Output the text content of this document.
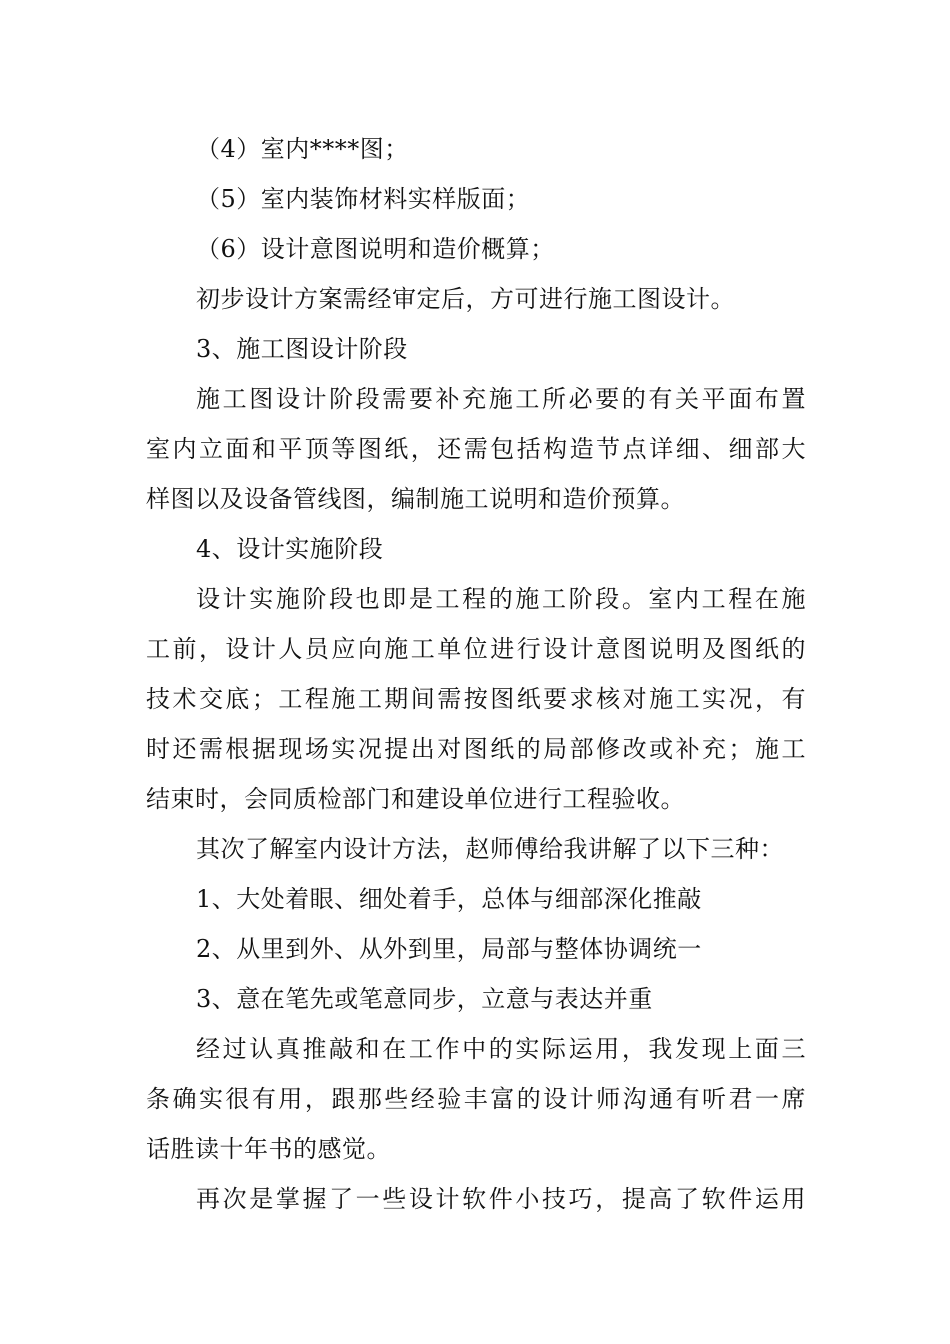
（4）室内****图；
（5）室内装饰材料实样版面；
（6）设计意图说明和造价概算；
初步设计方案需经审定后，方可进行施工图设计。
3、施工图设计阶段
施工图设计阶段需要补充施工所必要的有关平面布置
室内立面和平顶等图纸，还需包括构造节点详细、细部大
样图以及设备管线图，编制施工说明和造价预算。
4、设计实施阶段
设计实施阶段也即是工程的施工阶段。室内工程在施
工前，设计人员应向施工单位进行设计意图说明及图纸的
技术交底；工程施工期间需按图纸要求核对施工实况，有
时还需根据现场实况提出对图纸的局部修改或补充；施工
结束时，会同质检部门和建设单位进行工程验收。
其次了解室内设计方法，赵师傅给我讲解了以下三种：
1、大处着眼、细处着手，总体与细部深化推敲
2、从里到外、从外到里，局部与整体协调统一
3、意在笔先或笔意同步，立意与表达并重
经过认真推敲和在工作中的实际运用，我发现上面三
条确实很有用，跟那些经验丰富的设计师沟通有听君一席
话胜读十年书的感觉。
再次是掌握了一些设计软件小技巧，提高了软件运用
